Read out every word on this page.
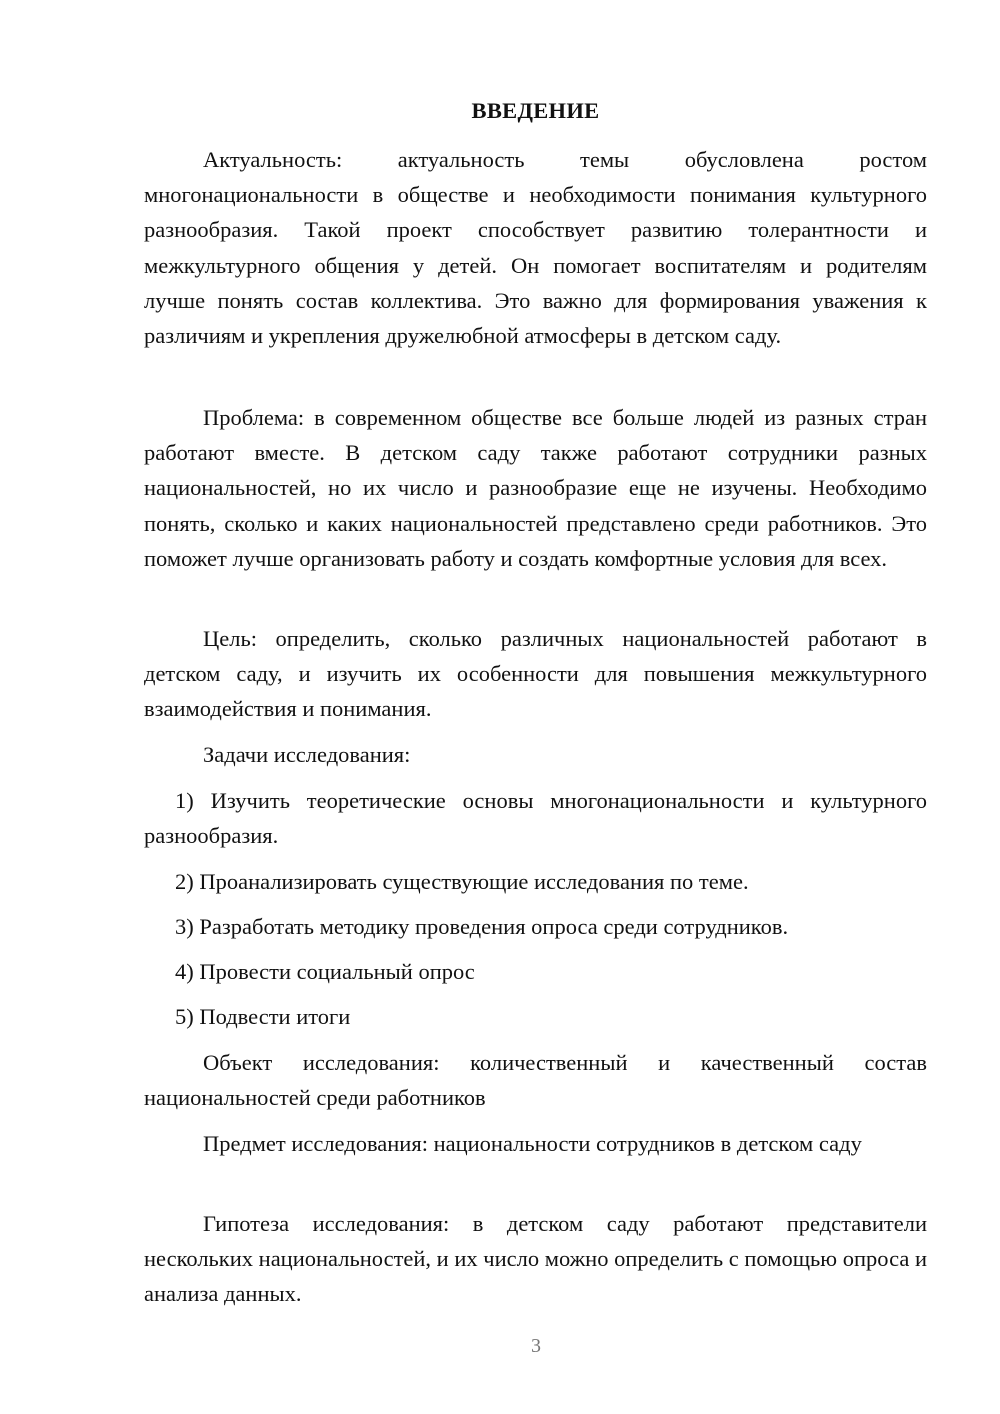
ВВЕДЕНИЕ

Актуальность: актуальность темы обусловлена ростом многонациональности в обществе и необходимости понимания культурного разнообразия. Такой проект способствует развитию толерантности и межкультурного общения у детей. Он помогает воспитателям и родителям лучше понять состав коллектива. Это важно для формирования уважения к различиям и укрепления дружелюбной атмосферы в детском саду.

Проблема: в современном обществе все больше людей из разных стран работают вместе. В детском саду также работают сотрудники разных национальностей, но их число и разнообразие еще не изучены. Необходимо понять, сколько и каких национальностей представлено среди работников. Это поможет лучше организовать работу и создать комфортные условия для всех.

Цель: определить, сколько различных национальностей работают в детском саду, и изучить их особенности для повышения межкультурного взаимодействия и понимания.

Задачи исследования:

1) Изучить теоретические основы многонациональности и культурного разнообразия.

2) Проанализировать существующие исследования по теме.

3) Разработать методику проведения опроса среди сотрудников.

4) Провести социальный опрос

5) Подвести итоги

Объект исследования: количественный и качественный состав национальностей среди работников

Предмет исследования: национальности сотрудников в детском саду

Гипотеза исследования: в детском саду работают представители нескольких национальностей, и их число можно определить с помощью опроса и анализа данных.

3
